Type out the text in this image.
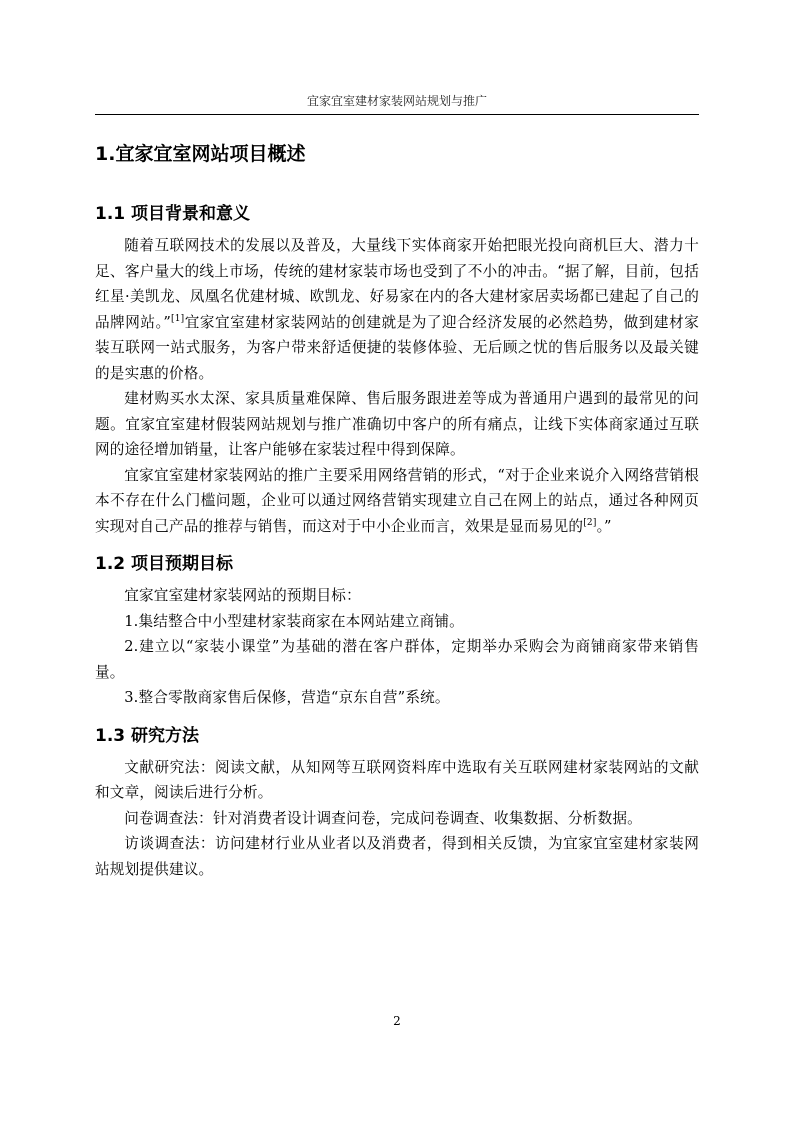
宜家宜室建材家装网站规划与推广
1.宜家宜室网站项目概述
1.1 项目背景和意义

随着互联网技术的发展以及普及，大量线下实体商家开始把眼光投向商机巨大、潜力十足、客户量大的线上市场，传统的建材家装市场也受到了不小的冲击。“据了解，目前，包括红星·美凯龙、凤凰名优建材城、欧凯龙、好易家在内的各大建材家居卖场都已建起了自己的品牌网站。”[1]宜家宜室建材家装网站的创建就是为了迎合经济发展的必然趋势，做到建材家装互联网一站式服务，为客户带来舒适便捷的装修体验、无后顾之忧的售后服务以及最关键的是实惠的价格。

建材购买水太深、家具质量难保障、售后服务跟进差等成为普通用户遇到的最常见的问题。宜家宜室建材假装网站规划与推广准确切中客户的所有痛点，让线下实体商家通过互联网的途径增加销量，让客户能够在家装过程中得到保障。

宜家宜室建材家装网站的推广主要采用网络营销的形式，“对于企业来说介入网络营销根本不存在什么门槛问题，企业可以通过网络营销实现建立自己在网上的站点，通过各种网页实现对自己产品的推荐与销售，而这对于中小企业而言，效果是显而易见的[2]。”

1.2 项目预期目标

宜家宜室建材家装网站的预期目标：

1.集结整合中小型建材家装商家在本网站建立商铺。

2.建立以“家装小课堂”为基础的潜在客户群体，定期举办采购会为商铺商家带来销售量。

3.整合零散商家售后保修，营造“京东自营”系统。

1.3 研究方法

文献研究法：阅读文献，从知网等互联网资料库中选取有关互联网建材家装网站的文献和文章，阅读后进行分析。

问卷调查法：针对消费者设计调查问卷，完成问卷调查、收集数据、分析数据。

访谈调查法：访问建材行业从业者以及消费者，得到相关反馈，为宜家宜室建材家装网站规划提供建议。

2
